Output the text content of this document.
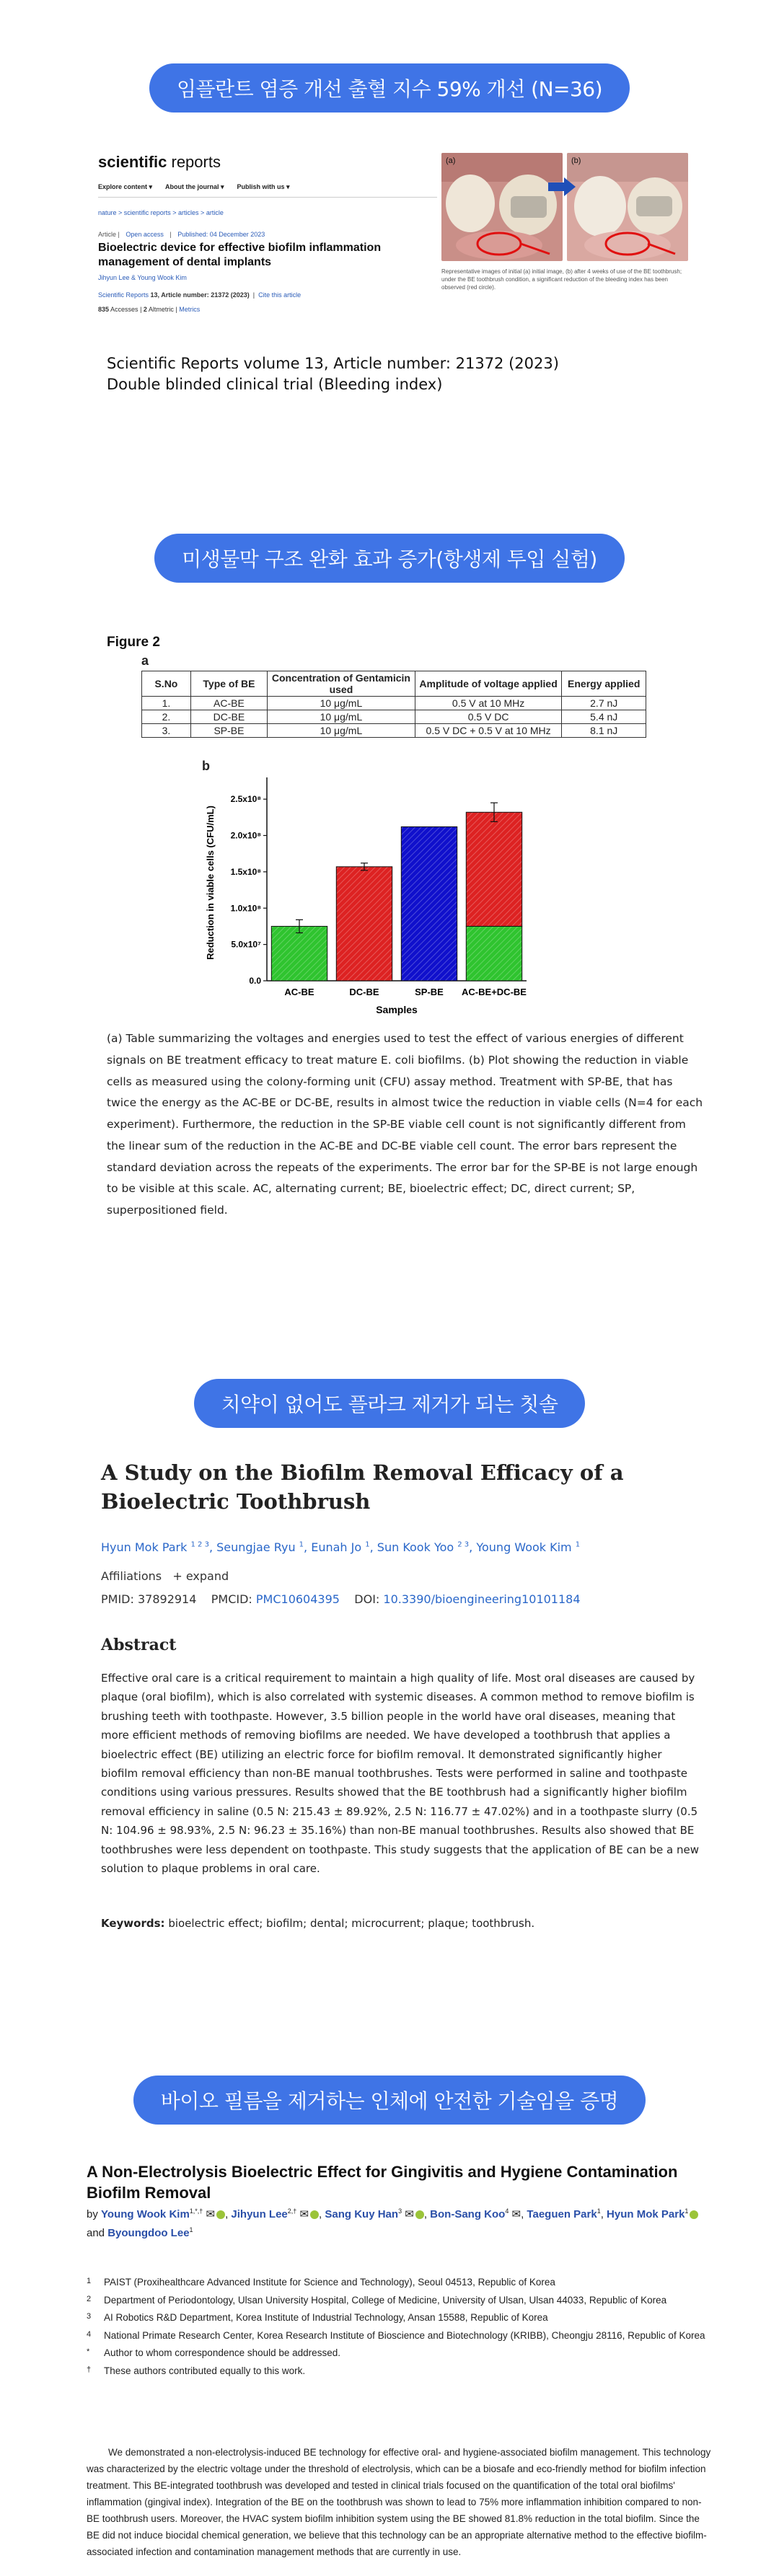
임플란트 염증 개선 출혈 지수 59% 개선 (N=36)
scientific reports
Explore content ▾ About the journal ▾ Publish with us ▾
nature > scientific reports > articles > article
Article | Open access | Published: 04 December 2023
Bioelectric device for effective biofilm inflammation management of dental implants
Jihyun Lee & Young Wook Kim
Scientific Reports 13, Article number: 21372 (2023)  |  Cite this article
835 Accesses | 2 Altmetric | Metrics
(a)	(b)
Representative images of initial (a) initial image, (b) after 4 weeks of use of the BE toothbrush; under the BE toothbrush condition, a significant reduction of the bleeding index has been observed (red circle).
Scientific Reports volume 13, Article number: 21372 (2023)
Double blinded clinical trial (Bleeding index)
미생물막 구조 완화 효과 증가(항생제 투입 실험)
Figure 2
a
S.No	Type of BE	Concentration of Gentamicin used	Amplitude of voltage applied	Energy applied
1.	AC-BE	10 μg/mL	0.5 V at 10 MHz	2.7 nJ
2.	DC-BE	10 μg/mL	0.5 V DC	5.4 nJ
3.	SP-BE	10 μg/mL	0.5 V DC + 0.5 V at 10 MHz	8.1 nJ
b
0.0
5.0x10⁷
1.0x10⁸
1.5x10⁸
2.0x10⁸
2.5x10⁸
AC-BE	DC-BE	SP-BE AC-BE+DC-BE
Samples
Reduction in viable cells (CFU/mL)
(a) Table summarizing the voltages and energies used to test the effect of various energies of different signals on BE treatment efficacy to treat mature E. coli biofilms. (b) Plot showing the reduction in viable cells as measured using the colony-forming unit (CFU) assay method. Treatment with SP-BE, that has twice the energy as the AC-BE or DC-BE, results in almost twice the reduction in viable cells (N=4 for each experiment). Furthermore, the reduction in the SP-BE viable cell count is not significantly different from the linear sum of the reduction in the AC-BE and DC-BE viable cell count. The error bars represent the standard deviation across the repeats of the experiments. The error bar for the SP-BE is not large enough to be visible at this scale. AC, alternating current; BE, bioelectric effect; DC, direct current; SP, superpositioned field.
치약이 없어도 플라크 제거가 되는 칫솔
A Study on the Biofilm Removal Efficacy of a Bioelectric Toothbrush
Hyun Mok Park $^{1 2 3}$, Seungjae Ryu $^1$, Eunah Jo $^1$, Sun Kook Yoo $^{2 3}$, Young Wook Kim $^1$
Affiliations + expand
PMID: 37892914 PMCID: PMC10604395 DOI: 10.3390/bioengineering10101184
Abstract
Effective oral care is a critical requirement to maintain a high quality of life. Most oral diseases are caused by plaque (oral biofilm), which is also correlated with systemic diseases. A common method to remove biofilm is brushing teeth with toothpaste. However, 3.5 billion people in the world have oral diseases, meaning that more efficient methods of removing biofilms are needed. We have developed a toothbrush that applies a bioelectric effect (BE) utilizing an electric force for biofilm removal. It demonstrated significantly higher biofilm removal efficiency than non-BE manual toothbrushes. Tests were performed in saline and toothpaste conditions using various pressures. Results showed that the BE toothbrush had a significantly higher biofilm removal efficiency in saline (0.5 N: 215.43 ± 89.92%, 2.5 N: 116.77 ± 47.02%) and in a toothpaste slurry (0.5 N: 104.96 ± 98.93%, 2.5 N: 96.23 ± 35.16%) than non-BE manual toothbrushes. Results also showed that BE toothbrushes were less dependent on toothpaste. This study suggests that the application of BE can be a new solution to plaque problems in oral care.
Keywords: bioelectric effect; biofilm; dental; microcurrent; plaque; toothbrush.
바이오 필름을 제거하는 인체에 안전한 기술임을 증명
A Non-Electrolysis Bioelectric Effect for Gingivitis and Hygiene Contamination Biofilm Removal
by Young Wook Kim$^{1,*,\dagger}$ ✉ , Jihyun Lee$^{2,\dagger}$ ✉ , Sang Kuy Han$^3$ ✉ , Bon-Sang Koo$^4$ ✉, Taeguen Park$^1$, Hyun Mok Park$^1$ and Byoungdoo Lee$^1$
1	PAIST (Proxihealthcare Advanced Institute for Science and Technology), Seoul 04513, Republic of Korea
2	Department of Periodontology, Ulsan University Hospital, College of Medicine, University of Ulsan, Ulsan 44033, Republic of Korea
3	AI Robotics R&D Department, Korea Institute of Industrial Technology, Ansan 15588, Republic of Korea
4	National Primate Research Center, Korea Research Institute of Bioscience and Biotechnology (KRIBB), Cheongju 28116, Republic of Korea
*	Author to whom correspondence should be addressed.
†	These authors contributed equally to this work.
We demonstrated a non-electrolysis-induced BE technology for effective oral- and hygiene-associated biofilm management. This technology was characterized by the electric voltage under the threshold of electrolysis, which can be a biosafe and eco-friendly method for biofilm infection treatment. This BE-integrated toothbrush was developed and tested in clinical trials focused on the quantification of the total oral biofilms' inflammation (gingival index). Integration of the BE on the toothbrush was shown to lead to 75% more inflammation inhibition compared to non-BE toothbrush users. Moreover, the HVAC system biofilm inhibition system using the BE showed 81.8% reduction in the total biofilm. Since the BE did not induce biocidal chemical generation, we believe that this technology can be an appropriate alternative method to the effective biofilm-associated infection and contamination management methods that are currently in use.
